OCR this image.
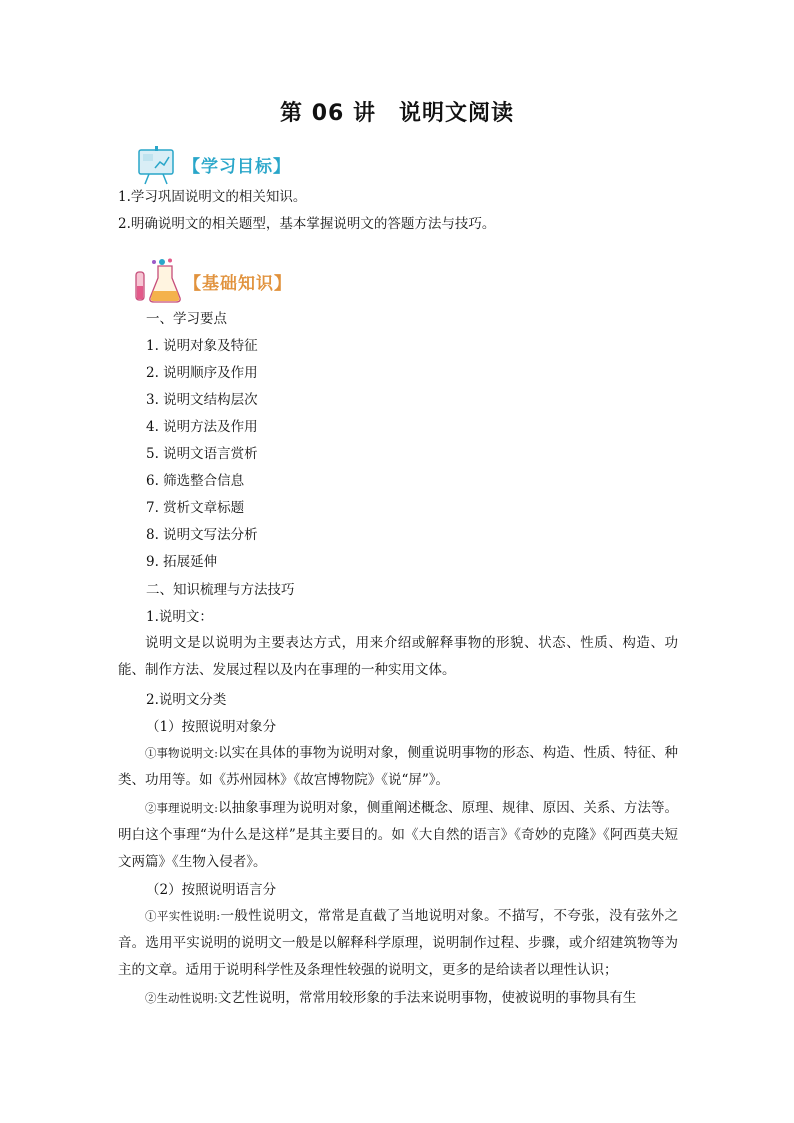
第 06 讲　说明文阅读
【学习目标】
1.学习巩固说明文的相关知识。
2.明确说明文的相关题型，基本掌握说明文的答题方法与技巧。
【基础知识】
一、学习要点
1. 说明对象及特征
2. 说明顺序及作用
3. 说明文结构层次
4. 说明方法及作用
5. 说明文语言赏析
6. 筛选整合信息
7. 赏析文章标题
8. 说明文写法分析
9. 拓展延伸
二、知识梳理与方法技巧
1.说明文：
说明文是以说明为主要表达方式，用来介绍或解释事物的形貌、状态、性质、构造、功能、制作方法、发展过程以及内在事理的一种实用文体。
2.说明文分类
（1）按照说明对象分
①事物说明文:以实在具体的事物为说明对象，侧重说明事物的形态、构造、性质、特征、种类、功用等。如《苏州园林》《故宫博物院》《说“屏”》。
②事理说明文:以抽象事理为说明对象，侧重阐述概念、原理、规律、原因、关系、方法等。明白这个事理“为什么是这样”是其主要目的。如《大自然的语言》《奇妙的克隆》《阿西莫夫短文两篇》《生物入侵者》。
（2）按照说明语言分
①平实性说明:一般性说明文，常常是直截了当地说明对象。不描写，不夸张，没有弦外之音。选用平实说明的说明文一般是以解释科学原理，说明制作过程、步骤，或介绍建筑物等为主的文章。适用于说明科学性及条理性较强的说明文，更多的是给读者以理性认识；
②生动性说明:文艺性说明，常常用较形象的手法来说明事物，使被说明的事物具有生
